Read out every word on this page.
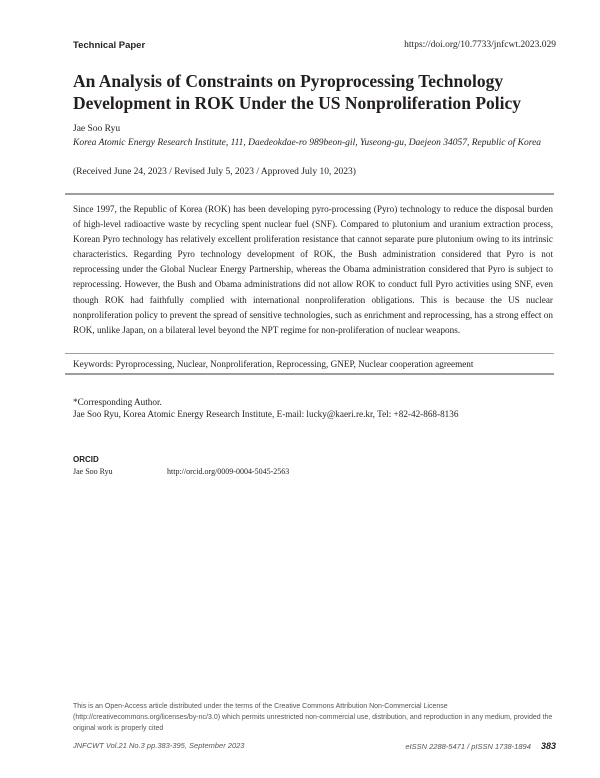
Technical Paper	https://doi.org/10.7733/jnfcwt.2023.029
An Analysis of Constraints on Pyroprocessing Technology Development in ROK Under the US Nonproliferation Policy
Jae Soo Ryu
Korea Atomic Energy Research Institute, 111, Daedeokdae-ro 989beon-gil, Yuseong-gu, Daejeon 34057, Republic of Korea
(Received June 24, 2023 / Revised July 5, 2023 / Approved July 10, 2023)

Since 1997, the Republic of Korea (ROK) has been developing pyro-processing (Pyro) technology to reduce the disposal burden of high-level radioactive waste by recycling spent nuclear fuel (SNF). Compared to plutonium and uranium extraction process, Korean Pyro technology has relatively excellent proliferation resistance that cannot separate pure plutonium owing to its intrinsic characteristics. Regarding Pyro technology development of ROK, the Bush administration considered that Pyro is not reprocessing under the Global Nuclear Energy Partnership, whereas the Obama administration considered that Pyro is subject to reprocessing. However, the Bush and Obama administrations did not allow ROK to conduct full Pyro activities using SNF, even though ROK had faithfully complied with international nonproliferation obligations. This is because the US nuclear nonproliferation policy to prevent the spread of sensitive technologies, such as enrichment and reprocessing, has a strong effect on ROK, unlike Japan, on a bilateral level beyond the NPT regime for non-proliferation of nuclear weapons.

Keywords: Pyroprocessing, Nuclear, Nonproliferation, Reprocessing, GNEP, Nuclear cooperation agreement
*Corresponding Author.
Jae Soo Ryu, Korea Atomic Energy Research Institute, E-mail: lucky@kaeri.re.kr, Tel: +82-42-868-8136
ORCID
Jae Soo Ryu	http://orcid.org/0009-0004-5045-2563
This is an Open-Access article distributed under the terms of the Creative Commons Attribution Non-Commercial License (http://creativecommons.org/licenses/by-nc/3.0) which permits unrestricted non-commercial use, distribution, and reproduction in any medium, provided the original work is properly cited
JNFCWT Vol.21 No.3 pp.383-395, September 2023	eISSN 2288-5471 / pISSN 1738-1894 383
